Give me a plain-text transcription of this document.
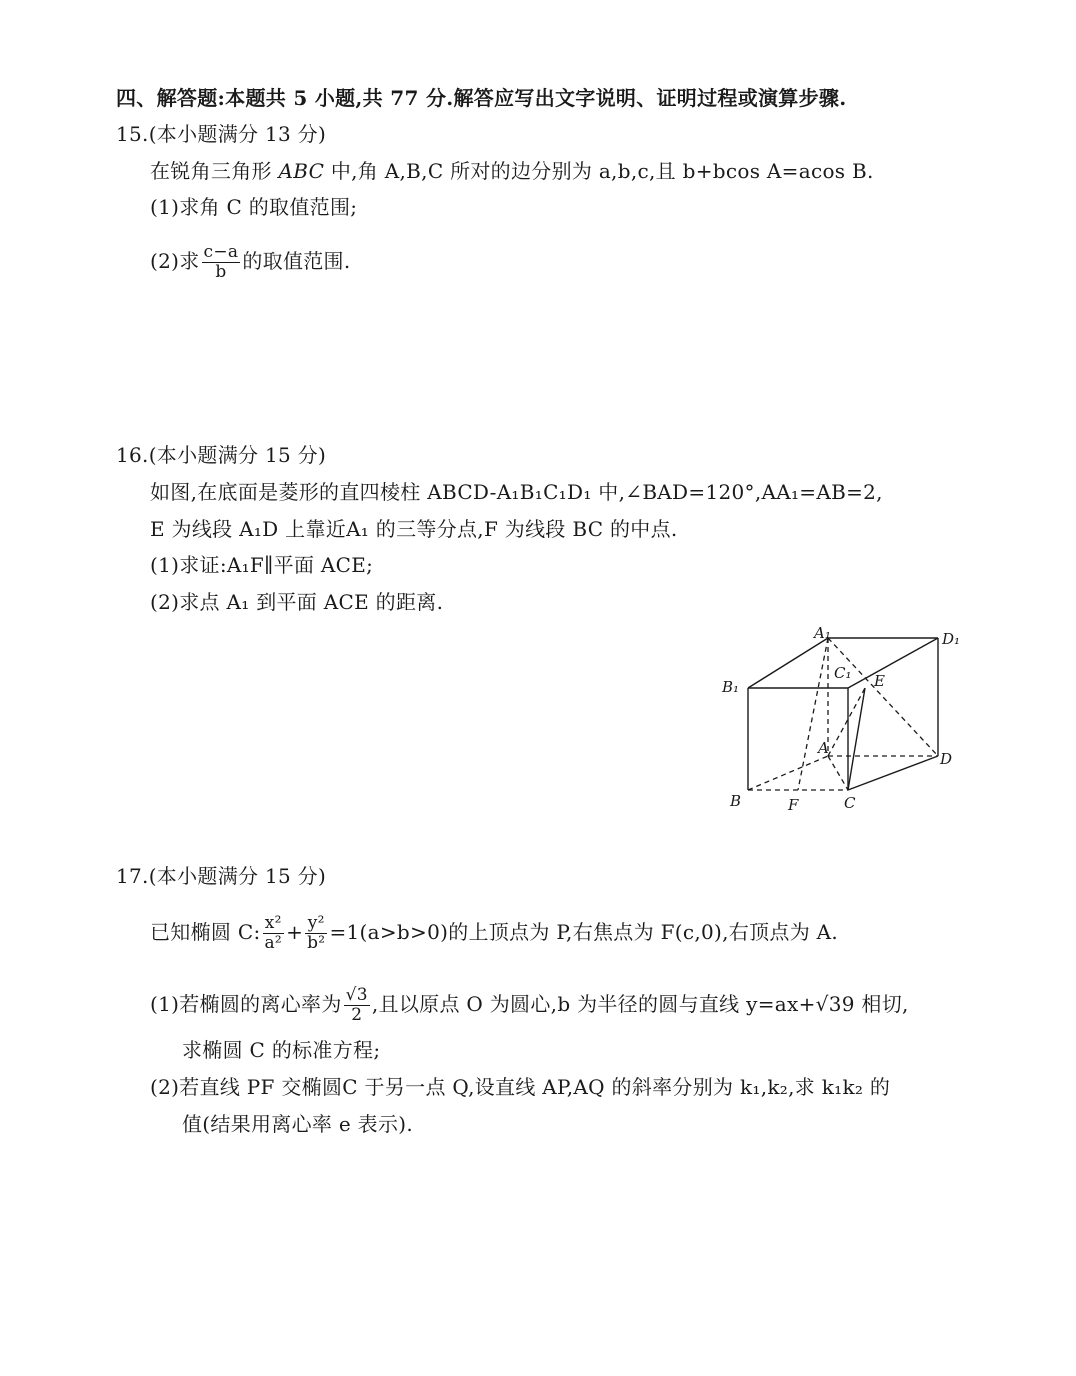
四、解答题:本题共 5 小题,共 77 分.解答应写出文字说明、证明过程或演算步骤.
15.(本小题满分 13 分)
在锐角三角形 ABC 中,角 A,B,C 所对的边分别为 a,b,c,且 b+bcos A=acos B.
(1)求角 C 的取值范围;
(2)求 $\frac{c-a}{b}$ 的取值范围.
16.(本小题满分 15 分)
如图,在底面是菱形的直四棱柱 ABCD-A₁B₁C₁D₁ 中,∠BAD=120°,AA₁=AB=2,
E 为线段 A₁D 上靠近A₁ 的三等分点,F 为线段 BC 的中点.
(1)求证:A₁F∥平面 ACE;
(2)求点 A₁ 到平面 ACE 的距离.
A₁	D₁
B₁
C₁ E
A
D
B	F	C
17.(本小题满分 15 分)
已知椭圆 C: $\frac{\text{x²}}{\text{a²}} + \frac{\text{y²}}{\text{b²}} =1(a>b>0)$的上顶点为 P,右焦点为 F(c,0),右顶点为 A.
(1)若椭圆的离心率为 $\frac{√3}{2}$ ,且以原点 O 为圆心,b 为半径的圆与直线 y=ax+√39 相切,
求椭圆 C 的标准方程;
(2)若直线 PF 交椭圆C 于另一点 Q,设直线 AP,AQ 的斜率分别为 k₁,k₂,求 k₁k₂ 的
值(结果用离心率 e 表示).
